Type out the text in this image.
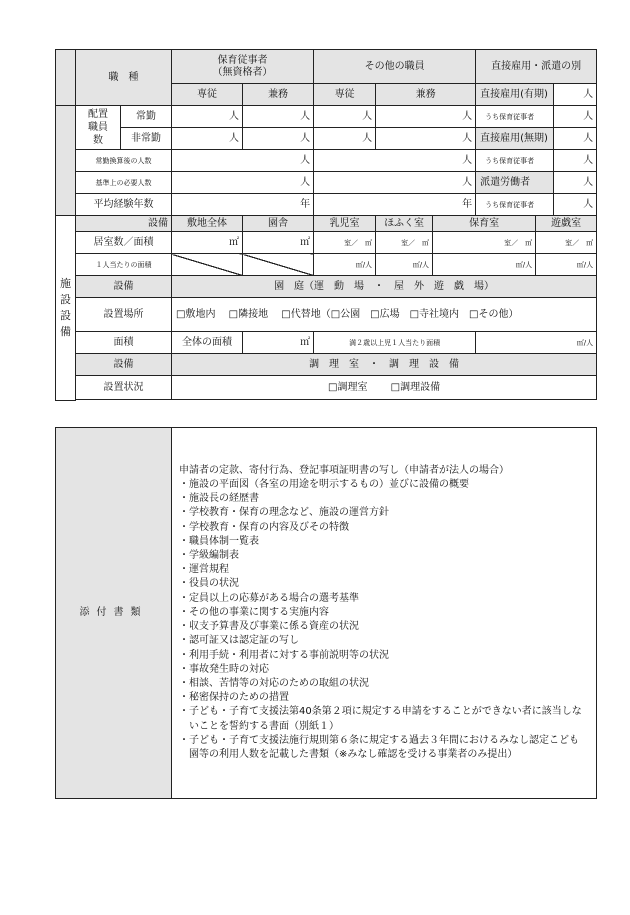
	職　種		保育従事者
（無資格者）		その他の職員			直接雇用・派遣の別		
			専従	兼務	専従	兼務		直接雇用(有期)		人
	配置
職員
数	常勤	人	人	人	人		うち保育従事者		人
		非常勤	人	人	人	人		直接雇用(無期)		人
	常勤換算後の人数		人		人			うち保育従事者		人
	基準上の必要人数		人		人			派遣労働者		人
	平均経験年数		年		年			うち保育従事者		人
施
設
設
備	設備		敷地全体	園舎	乳児室	ほふく室	保育室		遊戯室	
	居室数／面積		㎡	㎡	室／　㎡	室／　㎡	室／　㎡		室／　㎡	
	１人当たりの面積				㎡/人	㎡/人	㎡/人		㎡/人	
	設備		園　庭（運　動　場　・　屋　外　遊　戯　場）							
	設置場所		□敷地内　 □隣接地　 □代替地（□公園　□広場　□寺社境内　□その他）							
	面積		全体の面積	㎡	満２歳以上児１人当たり面積			㎡/人		
	設備		調　理　室　・　調　理　設　備							
	設置状況		□調理室　　 □調理設備							

添付書類	
申請者の定款、寄付行為、登記事項証明書の写し（申請者が法人の場合）
・施設の平面図（各室の用途を明示するもの）並びに設備の概要
・施設長の経歴書
・学校教育・保育の理念など、施設の運営方針
・学校教育・保育の内容及びその特徴
・職員体制一覧表
・学級編制表
・運営規程
・役員の状況
・定員以上の応募がある場合の選考基準
・その他の事業に関する実施内容
・収支予算書及び事業に係る資産の状況
・認可証又は認定証の写し
・利用手続・利用者に対する事前説明等の状況
・事故発生時の対応
・相談、苦情等の対応のための取組の状況
・秘密保持のための措置
・子ども・子育て支援法第40条第２項に規定する申請をすることができない者に該当しないことを誓約する書面（別紙１）
・子ども・子育て支援法施行規則第６条に規定する過去３年間におけるみなし認定こども園等の利用人数を記載した書類（※みなし確認を受ける事業者のみ提出）
